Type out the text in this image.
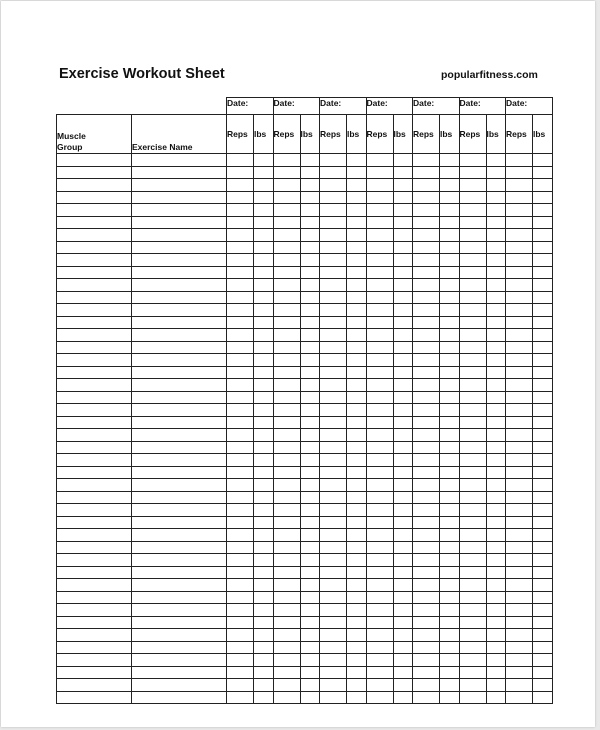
Exercise Workout Sheet	popularfitness.com
		Date:		Date:		Date:		Date:		Date:		Date:		Date:	
Muscle
Group	Exercise Name	Reps	lbs	Reps	lbs	Reps	lbs	Reps	lbs	Reps	lbs	Reps	lbs	Reps	lbs
